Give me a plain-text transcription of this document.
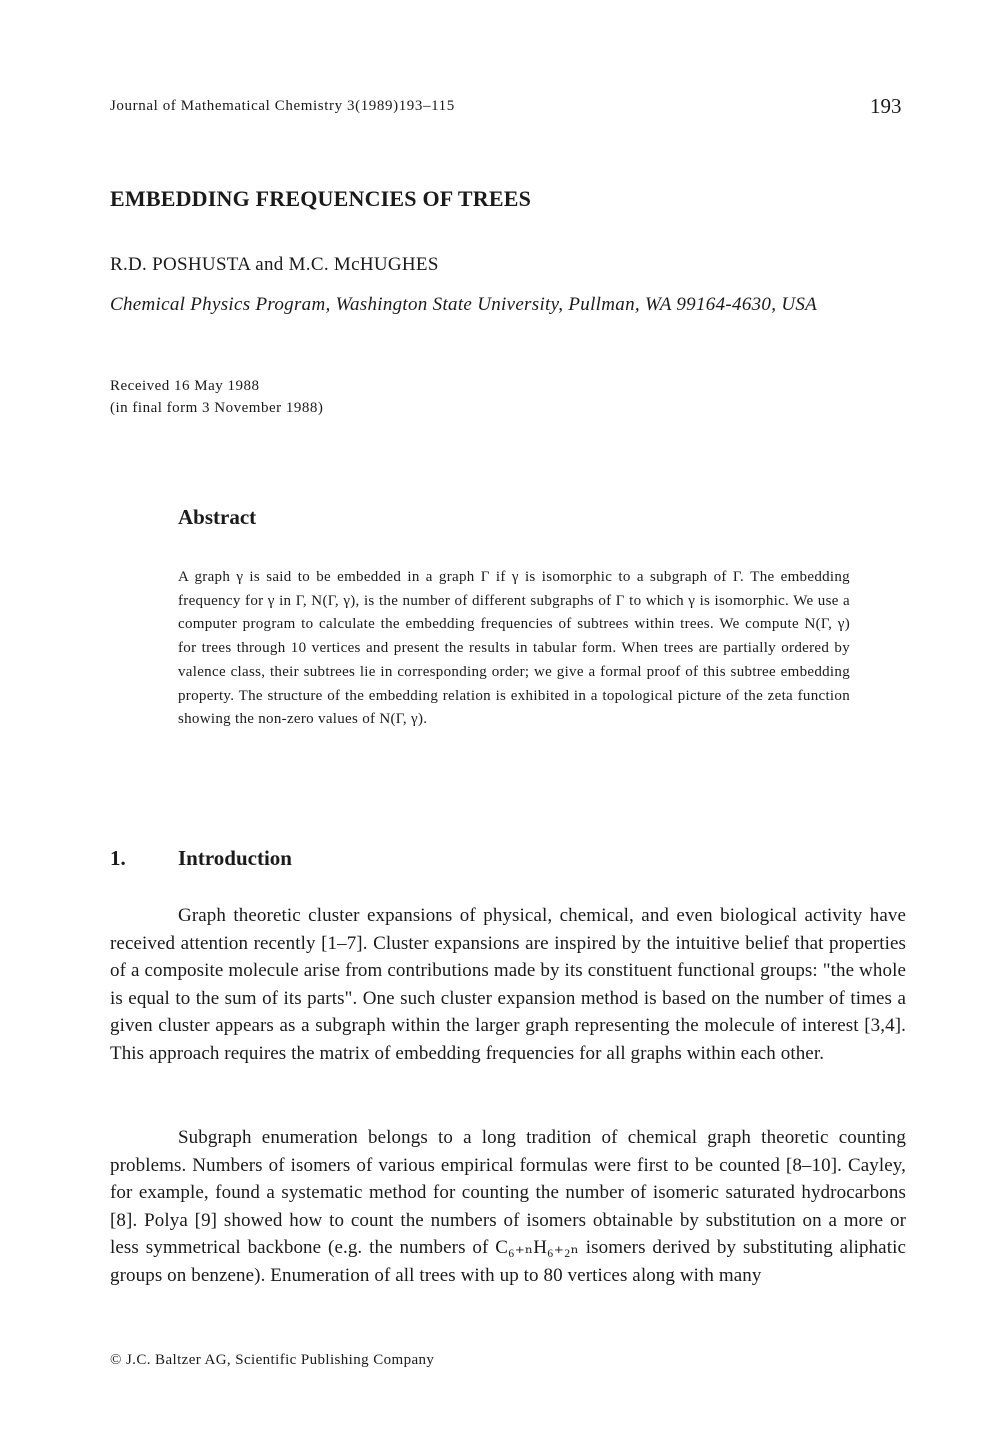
Journal of Mathematical Chemistry 3(1989)193–115	193
EMBEDDING FREQUENCIES OF TREES
R.D. POSHUSTA and M.C. McHUGHES
Chemical Physics Program, Washington State University, Pullman, WA 99164-4630, USA
Received 16 May 1988
(in final form 3 November 1988)
Abstract
A graph γ is said to be embedded in a graph Γ if γ is isomorphic to a subgraph of Γ. The embedding frequency for γ in Γ, N(Γ, γ), is the number of different subgraphs of Γ to which γ is isomorphic. We use a computer program to calculate the embedding frequencies of subtrees within trees. We compute N(Γ, γ) for trees through 10 vertices and present the results in tabular form. When trees are partially ordered by valence class, their subtrees lie in corresponding order; we give a formal proof of this subtree embedding property. The structure of the embedding relation is exhibited in a topological picture of the zeta function showing the non-zero values of N(Γ, γ).
1. Introduction
Graph theoretic cluster expansions of physical, chemical, and even biological activity have received attention recently [1–7]. Cluster expansions are inspired by the intuitive belief that properties of a composite molecule arise from contributions made by its constituent functional groups: "the whole is equal to the sum of its parts". One such cluster expansion method is based on the number of times a given cluster appears as a subgraph within the larger graph representing the molecule of interest [3,4]. This approach requires the matrix of embedding frequencies for all graphs within each other.
Subgraph enumeration belongs to a long tradition of chemical graph theoretic counting problems. Numbers of isomers of various empirical formulas were first to be counted [8–10]. Cayley, for example, found a systematic method for counting the number of isomeric saturated hydrocarbons [8]. Polya [9] showed how to count the numbers of isomers obtainable by substitution on a more or less symmetrical backbone (e.g. the numbers of C₆₊ₙH₆₊₂ₙ isomers derived by substituting aliphatic groups on benzene). Enumeration of all trees with up to 80 vertices along with many
© J.C. Baltzer AG, Scientific Publishing Company
